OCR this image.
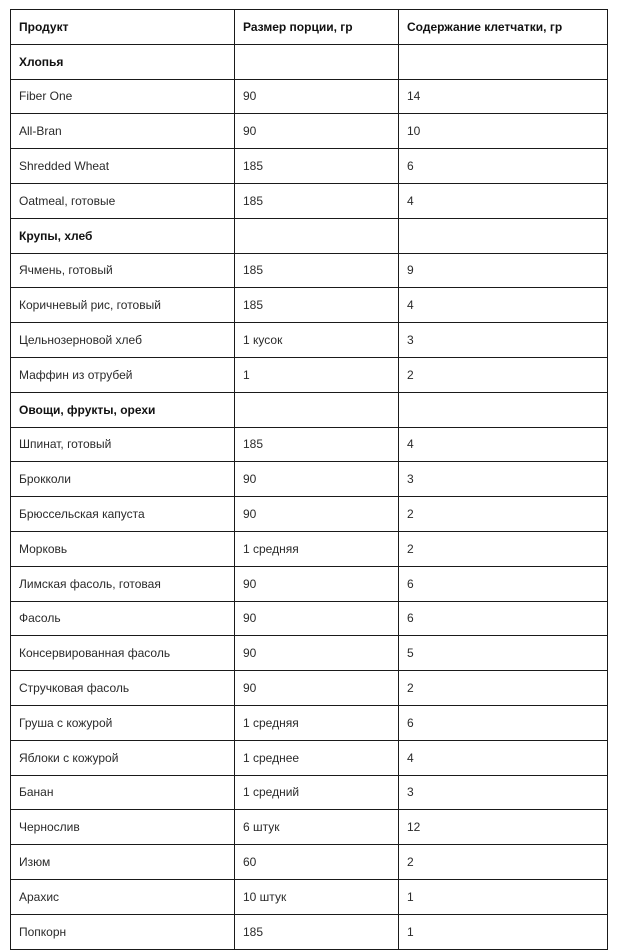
Продукт	Размер порции, гр	Содержание клетчатки, гр
Хлопья		
Fiber One	90	14
All-Bran	90	10
Shredded Wheat	185	6
Oatmeal, готовые	185	4
Крупы, хлеб		
Ячмень, готовый	185	9
Коричневый рис, готовый	185	4
Цельнозерновой хлеб	1 кусок	3
Маффин из отрубей	1	2
Овощи, фрукты, орехи		
Шпинат, готовый	185	4
Брокколи	90	3
Брюссельская капуста	90	2
Морковь	1 средняя	2
Лимская фасоль, готовая	90	6
Фасоль	90	6
Консервированная фасоль	90	5
Стручковая фасоль	90	2
Груша с кожурой	1 средняя	6
Яблоки с кожурой	1 среднее	4
Банан	1 средний	3
Чернослив	6 штук	12
Изюм	60	2
Арахис	10 штук	1
Попкорн	185	1
